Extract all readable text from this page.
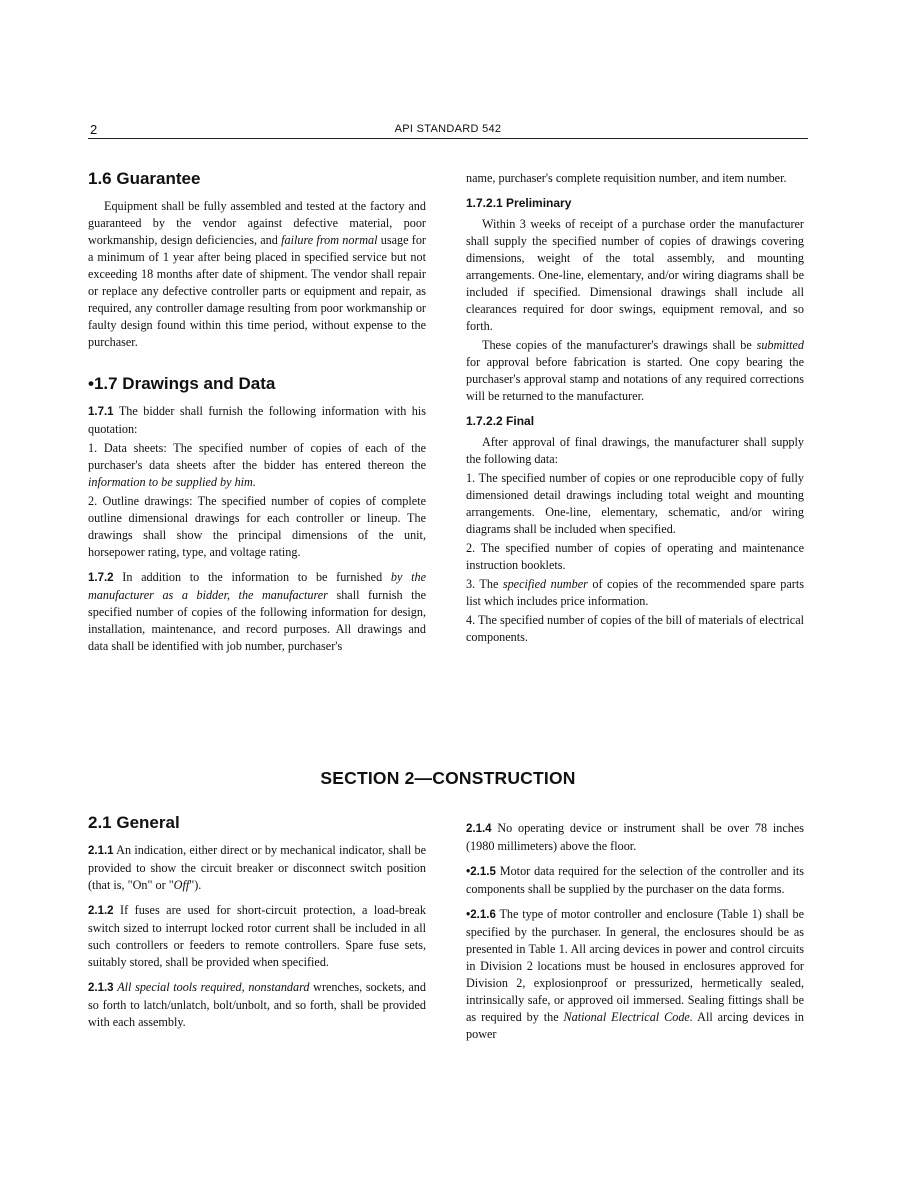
2	API STANDARD 542
1.6 Guarantee

Equipment shall be fully assembled and tested at the factory and guaranteed by the vendor against defective material, poor workmanship, design deficiencies, and failure from normal usage for a minimum of 1 year after being placed in specified service but not exceeding 18 months after date of shipment. The vendor shall repair or replace any defective controller parts or equipment and repair, as required, any controller damage resulting from poor workmanship or faulty design found within this time period, without expense to the purchaser.

•1.7 Drawings and Data

1.7.1 The bidder shall furnish the following information with his quotation:

1. Data sheets: The specified number of copies of each of the purchaser's data sheets after the bidder has entered thereon the information to be supplied by him.

2. Outline drawings: The specified number of copies of complete outline dimensional drawings for each controller or lineup. The drawings shall show the principal dimensions of the unit, horsepower rating, type, and voltage rating.

1.7.2 In addition to the information to be furnished by the manufacturer as a bidder, the manufacturer shall furnish the specified number of copies of the following information for design, installation, maintenance, and record purposes. All drawings and data shall be identified with job number, purchaser's

name, purchaser's complete requisition number, and item number.

1.7.2.1 Preliminary

Within 3 weeks of receipt of a purchase order the manufacturer shall supply the specified number of copies of drawings covering dimensions, weight of the total assembly, and mounting arrangements. One-line, elementary, and/or wiring diagrams shall be included if specified. Dimensional drawings shall include all clearances required for door swings, equipment removal, and so forth.

These copies of the manufacturer's drawings shall be submitted for approval before fabrication is started. One copy bearing the purchaser's approval stamp and notations of any required corrections will be returned to the manufacturer.

1.7.2.2 Final

After approval of final drawings, the manufacturer shall supply the following data:

1. The specified number of copies or one reproducible copy of fully dimensioned detail drawings including total weight and mounting arrangements. One-line, elementary, schematic, and/or wiring diagrams shall be included when specified.

2. The specified number of copies of operating and maintenance instruction booklets.

3. The specified number of copies of the recommended spare parts list which includes price information.

4. The specified number of copies of the bill of materials of electrical components.

SECTION 2—CONSTRUCTION
2.1 General

2.1.1 An indication, either direct or by mechanical indicator, shall be provided to show the circuit breaker or disconnect switch position (that is, "On" or "Off").

2.1.2 If fuses are used for short-circuit protection, a load-break switch sized to interrupt locked rotor current shall be included in all such controllers or feeders to remote controllers. Spare fuse sets, suitably stored, shall be provided when specified.

2.1.3 All special tools required, nonstandard wrenches, sockets, and so forth to latch/unlatch, bolt/unbolt, and so forth, shall be provided with each assembly.

2.1.4 No operating device or instrument shall be over 78 inches (1980 millimeters) above the floor.

•2.1.5 Motor data required for the selection of the controller and its components shall be supplied by the purchaser on the data forms.

•2.1.6 The type of motor controller and enclosure (Table 1) shall be specified by the purchaser. In general, the enclosures should be as presented in Table 1. All arcing devices in power and control circuits in Division 2 locations must be housed in enclosures approved for Division 2, explosionproof or pressurized, hermetically sealed, intrinsically safe, or approved oil immersed. Sealing fittings shall be as required by the National Electrical Code. All arcing devices in power
